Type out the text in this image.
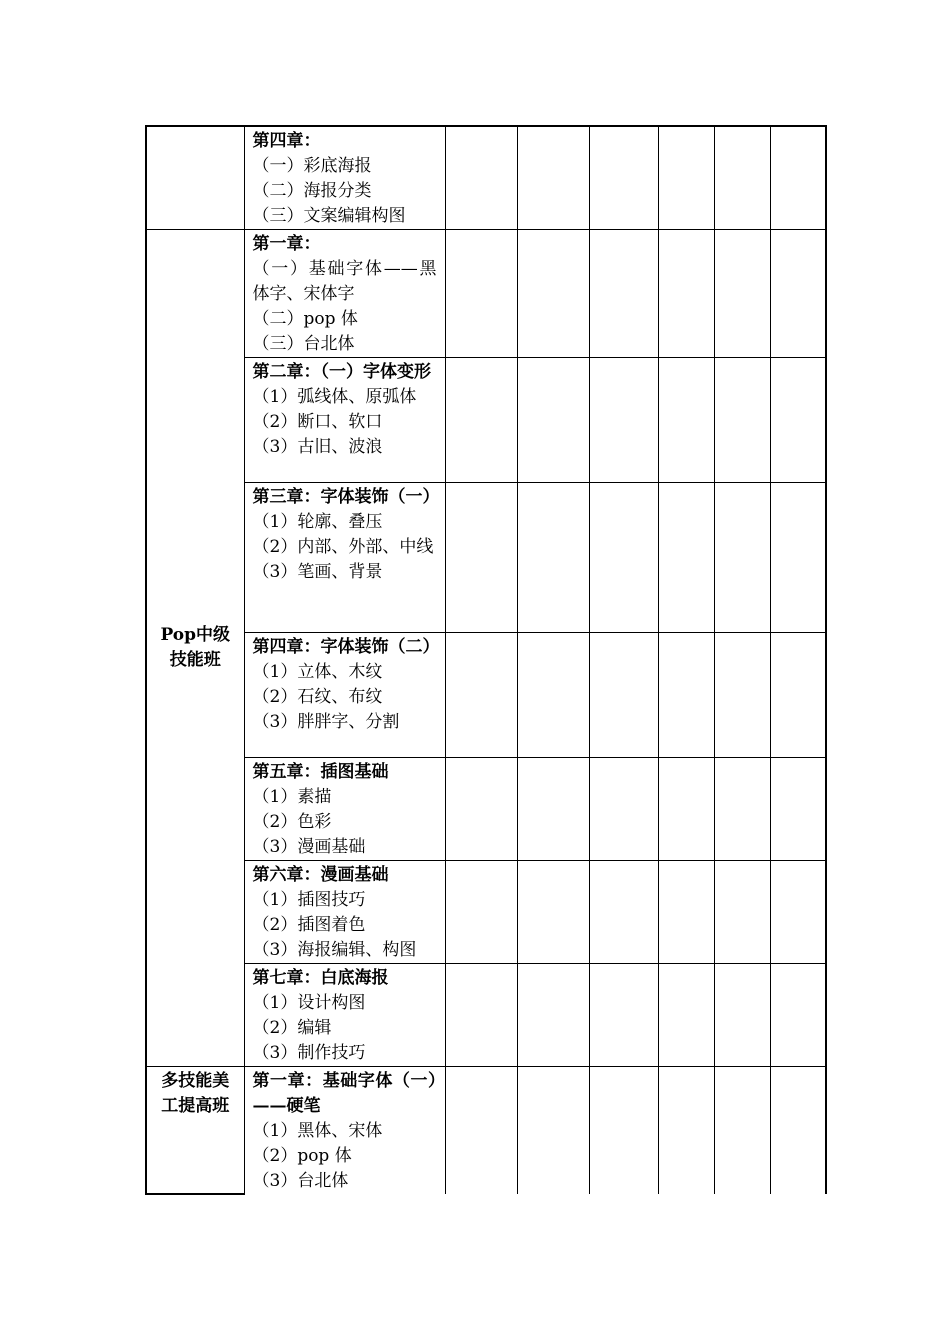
	第四章：
（一）彩底海报
（二）海报分类
（三）文案编辑构图						

Pop中级技能班	第一章：
（一）基础字体——黑体字、宋体字
（二）pop 体
（三）台北体						

	第二章：（一）字体变形
（1）弧线体、原弧体
（2）断口、软口
（3）古旧、波浪						

	第三章：字体装饰（一）（1）轮廓、叠压
（2）内部、外部、中线
（3）笔画、背景						

	第四章：字体装饰（二）
（1）立体、木纹
（2）石纹、布纹
（3）胖胖字、分割						

	第五章：插图基础
（1）素描
（2）色彩
（3）漫画基础						

	第六章：漫画基础
（1）插图技巧
（2）插图着色
（3）海报编辑、构图						

	第七章：白底海报
（1）设计构图
（2）编辑
（3）制作技巧						

多技能美工提高班	第一章：基础字体（一）——硬笔
（1）黑体、宋体
（2）pop 体
（3）台北体						
